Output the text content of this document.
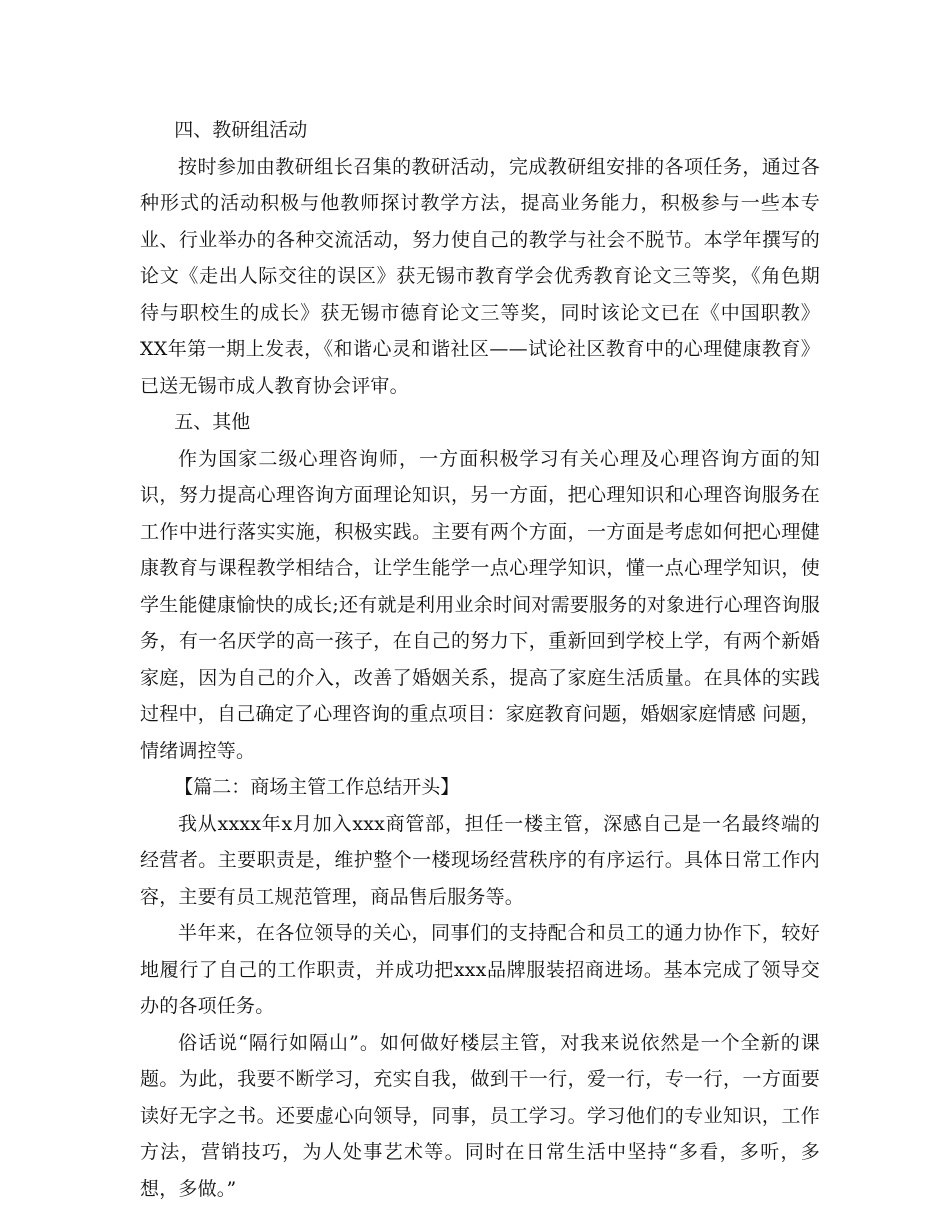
四、教研组活动

按时参加由教研组长召集的教研活动，完成教研组安排的各项任务，通过各种形式的活动积极与他教师探讨教学方法，提高业务能力，积极参与一些本专业、行业举办的各种交流活动，努力使自己的教学与社会不脱节。本学年撰写的论文《走出人际交往的误区》获无锡市教育学会优秀教育论文三等奖，《角色期待与职校生的成长》获无锡市德育论文三等奖，同时该论文已在《中国职教》XX年第一期上发表，《和谐心灵和谐社区——试论社区教育中的心理健康教育》已送无锡市成人教育协会评审。

五、其他

作为国家二级心理咨询师，一方面积极学习有关心理及心理咨询方面的知识，努力提高心理咨询方面理论知识，另一方面，把心理知识和心理咨询服务在工作中进行落实实施，积极实践。主要有两个方面，一方面是考虑如何把心理健康教育与课程教学相结合，让学生能学一点心理学知识，懂一点心理学知识，使学生能健康愉快的成长;还有就是利用业余时间对需要服务的对象进行心理咨询服务，有一名厌学的高一孩子，在自己的努力下，重新回到学校上学，有两个新婚家庭，因为自己的介入，改善了婚姻关系，提高了家庭生活质量。在具体的实践过程中，自己确定了心理咨询的重点项目：家庭教育问题，婚姻家庭情感 问题，情绪调控等。

【篇二：商场主管工作总结开头】

我从xxxx年x月加入xxx商管部，担任一楼主管，深感自己是一名最终端的经营者。主要职责是，维护整个一楼现场经营秩序的有序运行。具体日常工作内容，主要有员工规范管理，商品售后服务等。

半年来，在各位领导的关心，同事们的支持配合和员工的通力协作下，较好地履行了自己的工作职责，并成功把xxx品牌服装招商进场。基本完成了领导交办的各项任务。

俗话说“隔行如隔山”。如何做好楼层主管，对我来说依然是一个全新的课题。为此，我要不断学习，充实自我，做到干一行，爱一行，专一行，一方面要读好无字之书。还要虚心向领导，同事，员工学习。学习他们的专业知识，工作方法，营销技巧，为人处事艺术等。同时在日常生活中坚持“多看，多听，多想，多做。”
